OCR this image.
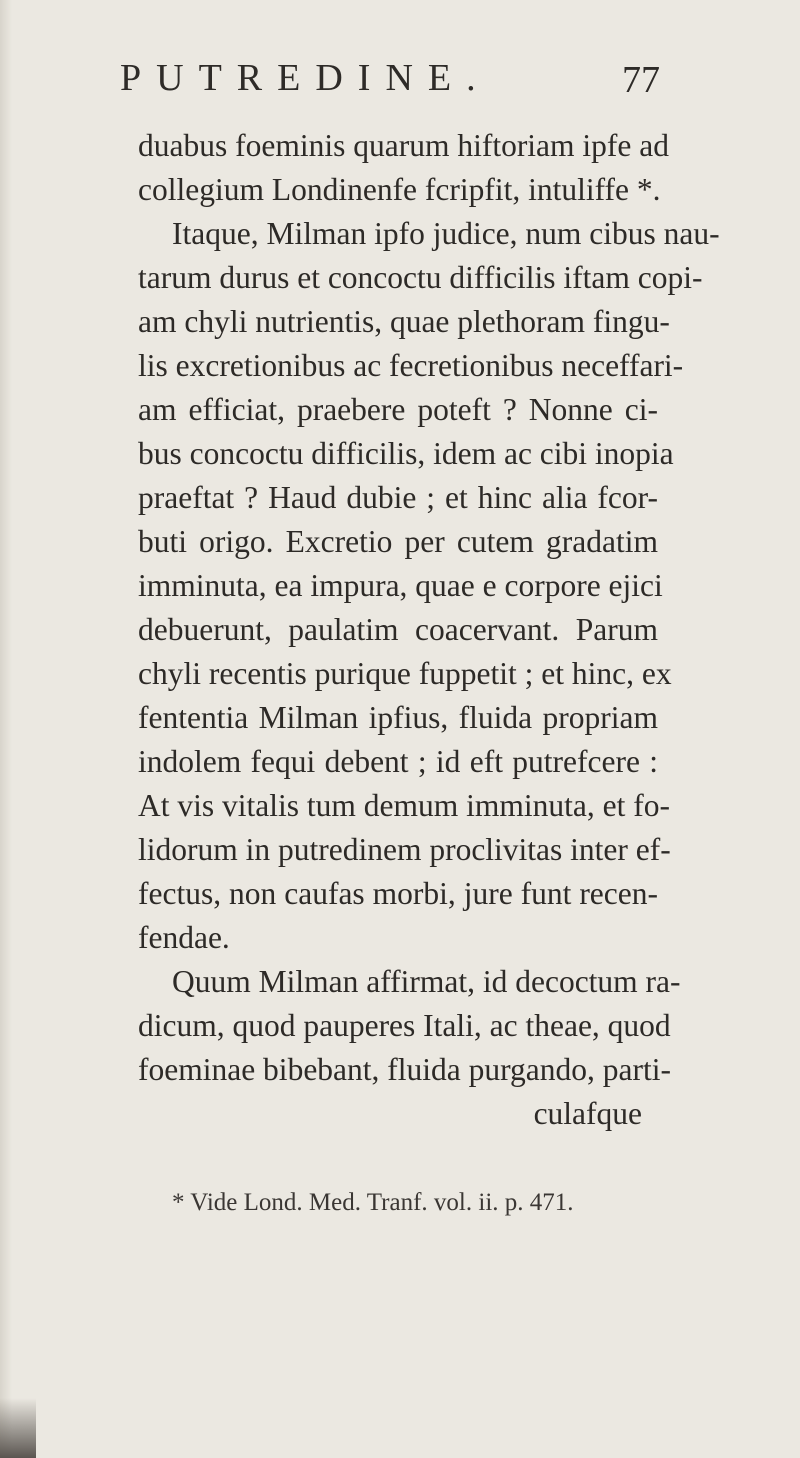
PUTREDINE.	77
duabus foeminis quarum hiftoriam ipfe ad
collegium Londinenfe fcripfit, intuliffe *.
Itaque, Milman ipfo judice, num cibus nau-
tarum durus et concoctu difficilis iftam copi-
am chyli nutrientis, quae plethoram fingu-
lis excretionibus ac fecretionibus neceffari-
am efficiat, praebere poteft ? Nonne ci-
bus concoctu difficilis, idem ac cibi inopia
praeftat ? Haud dubie ; et hinc alia fcor-
buti origo. Excretio per cutem gradatim
imminuta, ea impura, quae e corpore ejici
debuerunt, paulatim coacervant. Parum
chyli recentis purique fuppetit ; et hinc, ex
fententia Milman ipfius, fluida propriam
indolem fequi debent ; id eft putrefcere :
At vis vitalis tum demum imminuta, et fo-
lidorum in putredinem proclivitas inter ef-
fectus, non caufas morbi, jure funt recen-
fendae.
Quum Milman affirmat, id decoctum ra-
dicum, quod pauperes Itali, ac theae, quod
foeminae bibebant, fluida purgando, parti-
culafque
* Vide Lond. Med. Tranf. vol. ii. p. 471.
